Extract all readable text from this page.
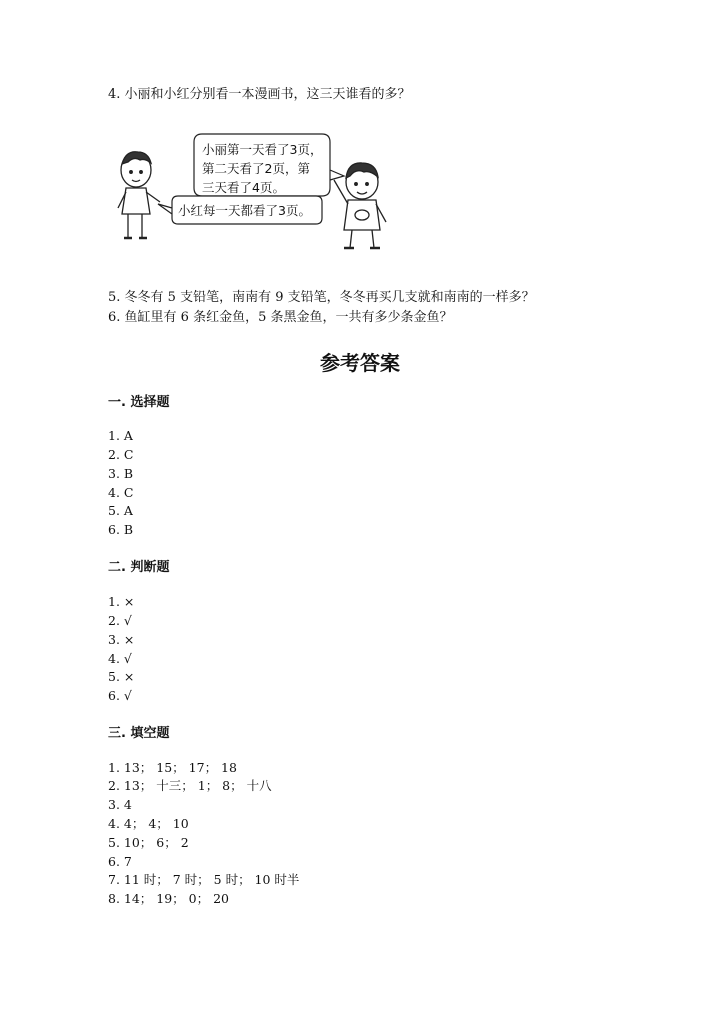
4. 小丽和小红分别看一本漫画书，这三天谁看的多？
小丽第一天看了3页，
第二天看了2页，第
三天看了4页。
小红每一天都看了3页。
5. 冬冬有 5 支铅笔，南南有 9 支铅笔，冬冬再买几支就和南南的一样多？
6. 鱼缸里有 6 条红金鱼，5 条黑金鱼，一共有多少条金鱼？
参考答案
一. 选择题
1. A
2. C
3. B
4. C
5. A
6. B
二. 判断题
1. ×
2. √
3. ×
4. √
5. ×
6. √
三. 填空题
1. 13； 15； 17； 18
2. 13； 十三； 1； 8； 十八
3. 4
4. 4； 4； 10
5. 10； 6； 2
6. 7
7. 11 时； 7 时； 5 时； 10 时半
8. 14； 19； 0； 20
